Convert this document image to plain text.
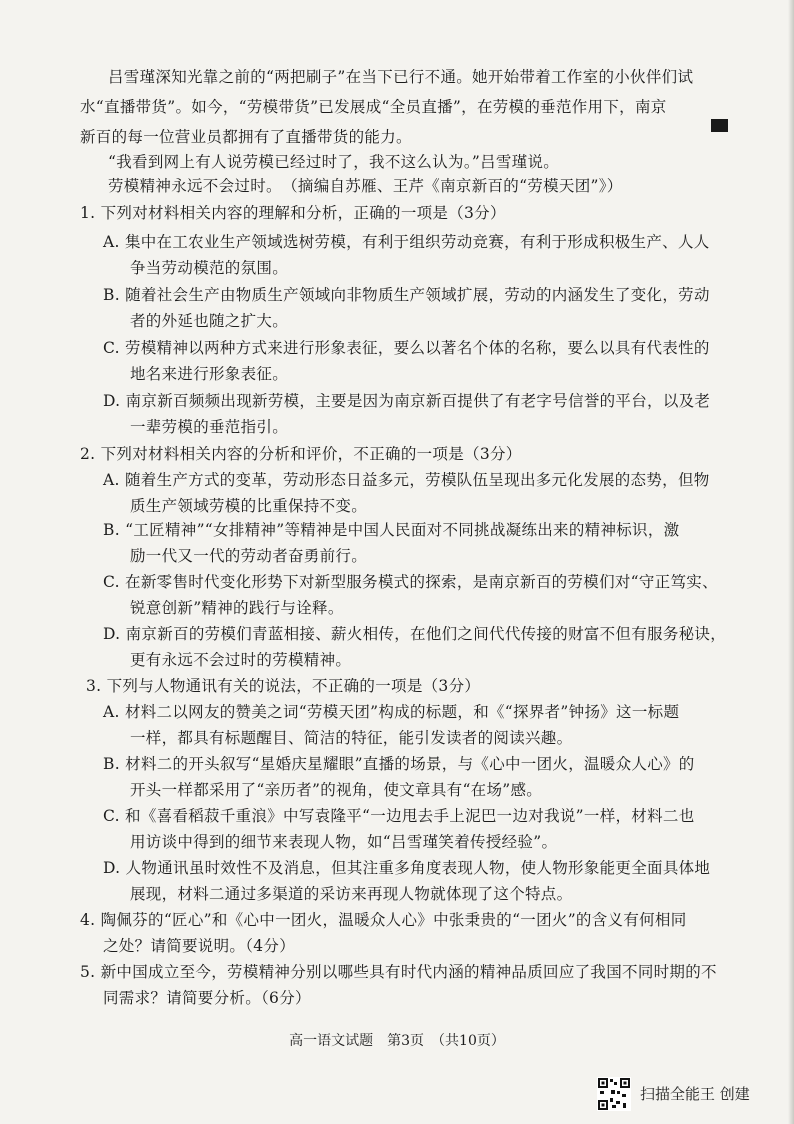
吕雪瑾深知光靠之前的“两把刷子”在当下已行不通。她开始带着工作室的小伙伴们试
水“直播带货”。如今，“劳模带货”已发展成“全员直播”，在劳模的垂范作用下，南京
新百的每一位营业员都拥有了直播带货的能力。
“我看到网上有人说劳模已经过时了，我不这么认为。”吕雪瑾说。
劳模精神永远不会过时。　（摘编自苏雁、王芹《南京新百的“劳模天团”》）
1. 下列对材料相关内容的理解和分析，正确的一项是（3分）
A. 集中在工农业生产领域选树劳模，有利于组织劳动竞赛，有利于形成积极生产、人人
争当劳动模范的氛围。
B. 随着社会生产由物质生产领域向非物质生产领域扩展，劳动的内涵发生了变化，劳动
者的外延也随之扩大。
C. 劳模精神以两种方式来进行形象表征，要么以著名个体的名称，要么以具有代表性的
地名来进行形象表征。
D. 南京新百频频出现新劳模，主要是因为南京新百提供了有老字号信誉的平台，以及老
一辈劳模的垂范指引。
2. 下列对材料相关内容的分析和评价，不正确的一项是（3分）
A. 随着生产方式的变革，劳动形态日益多元，劳模队伍呈现出多元化发展的态势，但物
质生产领域劳模的比重保持不变。
B. “工匠精神”“女排精神”等精神是中国人民面对不同挑战凝练出来的精神标识，激
励一代又一代的劳动者奋勇前行。
C. 在新零售时代变化形势下对新型服务模式的探索，是南京新百的劳模们对“守正笃实、
锐意创新”精神的践行与诠释。
D. 南京新百的劳模们青蓝相接、薪火相传，在他们之间代代传接的财富不但有服务秘诀，
更有永远不会过时的劳模精神。
3. 下列与人物通讯有关的说法，不正确的一项是（3分）
A. 材料二以网友的赞美之词“劳模天团”构成的标题，和《“探界者”钟扬》这一标题
一样，都具有标题醒目、简洁的特征，能引发读者的阅读兴趣。
B. 材料二的开头叙写“星婚庆星耀眼”直播的场景，与《心中一团火，温暖众人心》的
开头一样都采用了“亲历者”的视角，使文章具有“在场”感。
C. 和《喜看稻菽千重浪》中写袁隆平“一边甩去手上泥巴一边对我说”一样，材料二也
用访谈中得到的细节来表现人物，如“吕雪瑾笑着传授经验”。
D. 人物通讯虽时效性不及消息，但其注重多角度表现人物，使人物形象能更全面具体地
展现，材料二通过多渠道的采访来再现人物就体现了这个特点。
4. 陶佩芬的“匠心”和《心中一团火，温暖众人心》中张秉贵的“一团火”的含义有何相同
之处？请简要说明。（4分）
5. 新中国成立至今，劳模精神分别以哪些具有时代内涵的精神品质回应了我国不同时期的不
同需求？请简要分析。（6分）
高一语文试题　第3页　（共10页）
扫描全能王 创建
